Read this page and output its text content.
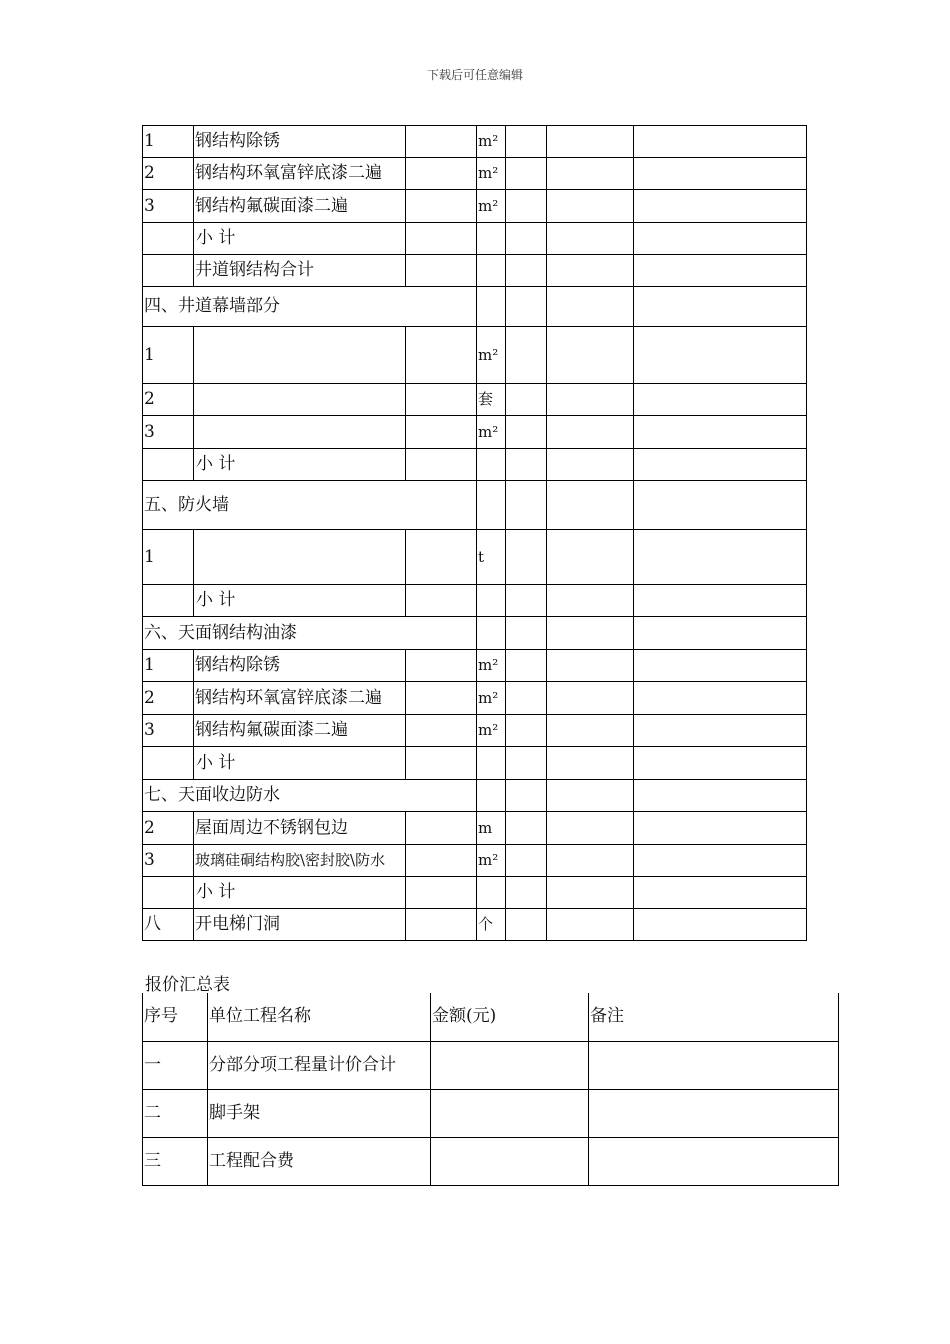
下载后可任意编辑
1	钢结构除锈		m²			
2	钢结构环氧富锌底漆二遍		m²			
3	钢结构氟碳面漆二遍		m²			
	小 计					
	井道钢结构合计					
四、井道幕墙部分						
1			m²			
2			套			
3			m²			
	小 计					
五、防火墙						
1			t			
	小 计					
六、天面钢结构油漆						
1	钢结构除锈		m²			
2	钢结构环氧富锌底漆二遍		m²			
3	钢结构氟碳面漆二遍		m²			
	小 计					
七、天面收边防水						
2	屋面周边不锈钢包边		m			
3	玻璃硅硐结构胶\密封胶\防水		m²			
	小 计					
八	开电梯门洞		个			
报价汇总表
序号	单位工程名称	金额(元)	备注
一	分部分项工程量计价合计		
二	脚手架		
三	工程配合费		
